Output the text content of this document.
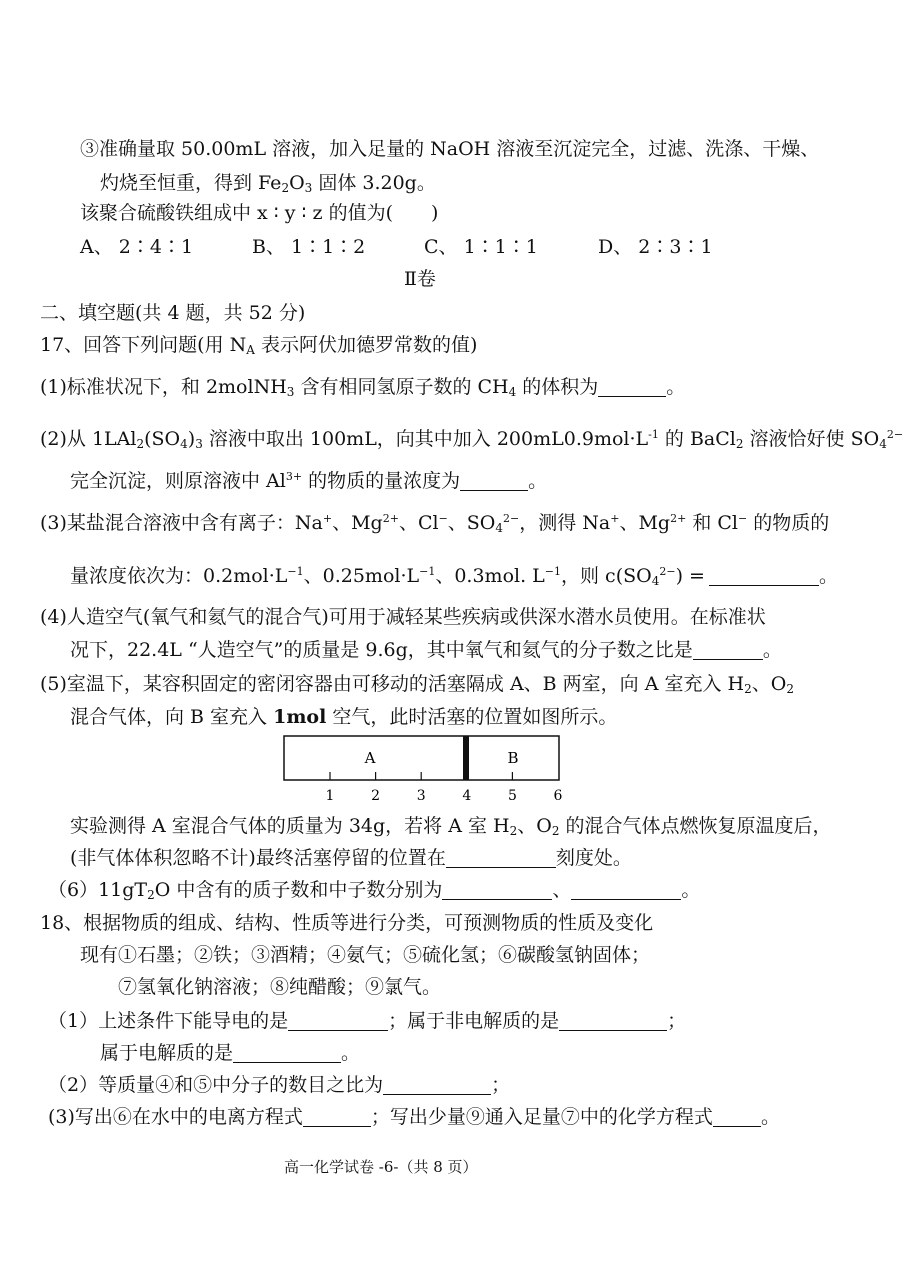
③准确量取 50.00mL 溶液，加入足量的 NaOH 溶液至沉淀完全，过滤、洗涤、干燥、
灼烧至恒重，得到 $Fe_2O_3$ 固体 3.20g。
该聚合硫酸铁组成中 x ∶ y ∶ z 的值为(　　)
A、 2∶4∶1	B、 1∶1∶2	C、 1∶1∶1	D、 2∶3∶1
Ⅱ卷
二、填空题(共 4 题，共 52 分)
17、回答下列问题(用 $N_A$ 表示阿伏加德罗常数的值)
(1)标准状况下，和 2molNH$_3$ 含有相同氢原子数的 $CH_4$ 的体积为	。
(2)从 $1LAl_2(SO_4)_3$ 溶液中取出 100mL，向其中加入 $200mL0.9mol\cdot L^{-1}$ 的 BaCl$_2$ 溶液恰好使 $SO_4^{2-}$
完全沉淀，则原溶液中 $Al^{3+}$ 的物质的量浓度为	。
(3)某盐混合溶液中含有离子：Na+、$Mg^{2+}$、Cl−、$SO_4^{2-}$，测得 Na+、$Mg^{2+}$ 和 Cl− 的物质的
量浓度依次为：$0.2mol\cdot L^{-1}$、$0.25mol\cdot L^{-1}$、0.3mol. $L^{-1}$，则 $c(SO_4^{2-})$ =	。
(4)人造空气(氧气和氦气的混合气)可用于减轻某些疾病或供深水潜水员使用。在标准状
况下，22.4L “人造空气”的质量是 9.6g，其中氧气和氦气的分子数之比是	。
(5)室温下，某容积固定的密闭容器由可移动的活塞隔成 A、B 两室，向 A 室充入 $H_2$、$O_2$
混合气体，向 B 室充入 1mol 空气，此时活塞的位置如图所示。
1	2	3	4	5	6
A	B
实验测得 A 室混合气体的质量为 34g，若将 A 室 $H_2$、$O_2$ 的混合气体点燃恢复原温度后，
(非气体体积忽略不计)最终活塞停留的位置在	刻度处。
$(6)11gT_2O$ 中含有的质子数和中子数分别为	、	。
18、根据物质的组成、结构、性质等进行分类，可预测物质的性质及变化
现有①石墨；②铁；③酒精；④氨气；⑤硫化氢；⑥碳酸氢钠固体；
⑦氢氧化钠溶液；⑧纯醋酸；⑨氯气。
（1）上述条件下能导电的是	；属于非电解质的是	；
属于电解质的是	。
（2）等质量④和⑤中分子的数目之比为	；
(3)写出⑥在水中的电离方程式	；写出少量⑨通入足量⑦中的化学方程式	。
高一化学试卷 -6-（共 8 页）
